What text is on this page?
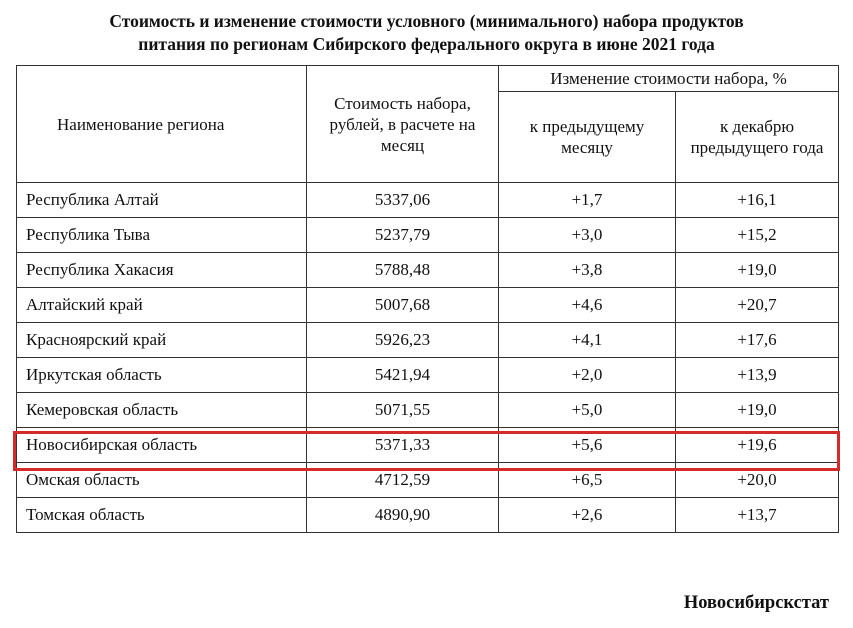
Стоимость и изменение стоимости условного (минимального) набора продуктов
питания по регионам Сибирского федерального округа в июне 2021 года
Наименование региона	Стоимость набора, рублей, в расчете на месяц	Изменение стоимости набора, %	
		к предыдущему месяцу	к декабрю предыдущего года
Республика Алтай	5337,06	+1,7	+16,1
Республика Тыва	5237,79	+3,0	+15,2
Республика Хакасия	5788,48	+3,8	+19,0
Алтайский край	5007,68	+4,6	+20,7
Красноярский край	5926,23	+4,1	+17,6
Иркутская область	5421,94	+2,0	+13,9
Кемеровская область	5071,55	+5,0	+19,0
Новосибирская область	5371,33	+5,6	+19,6
Омская область	4712,59	+6,5	+20,0
Томская область	4890,90	+2,6	+13,7
Новосибирскстат
